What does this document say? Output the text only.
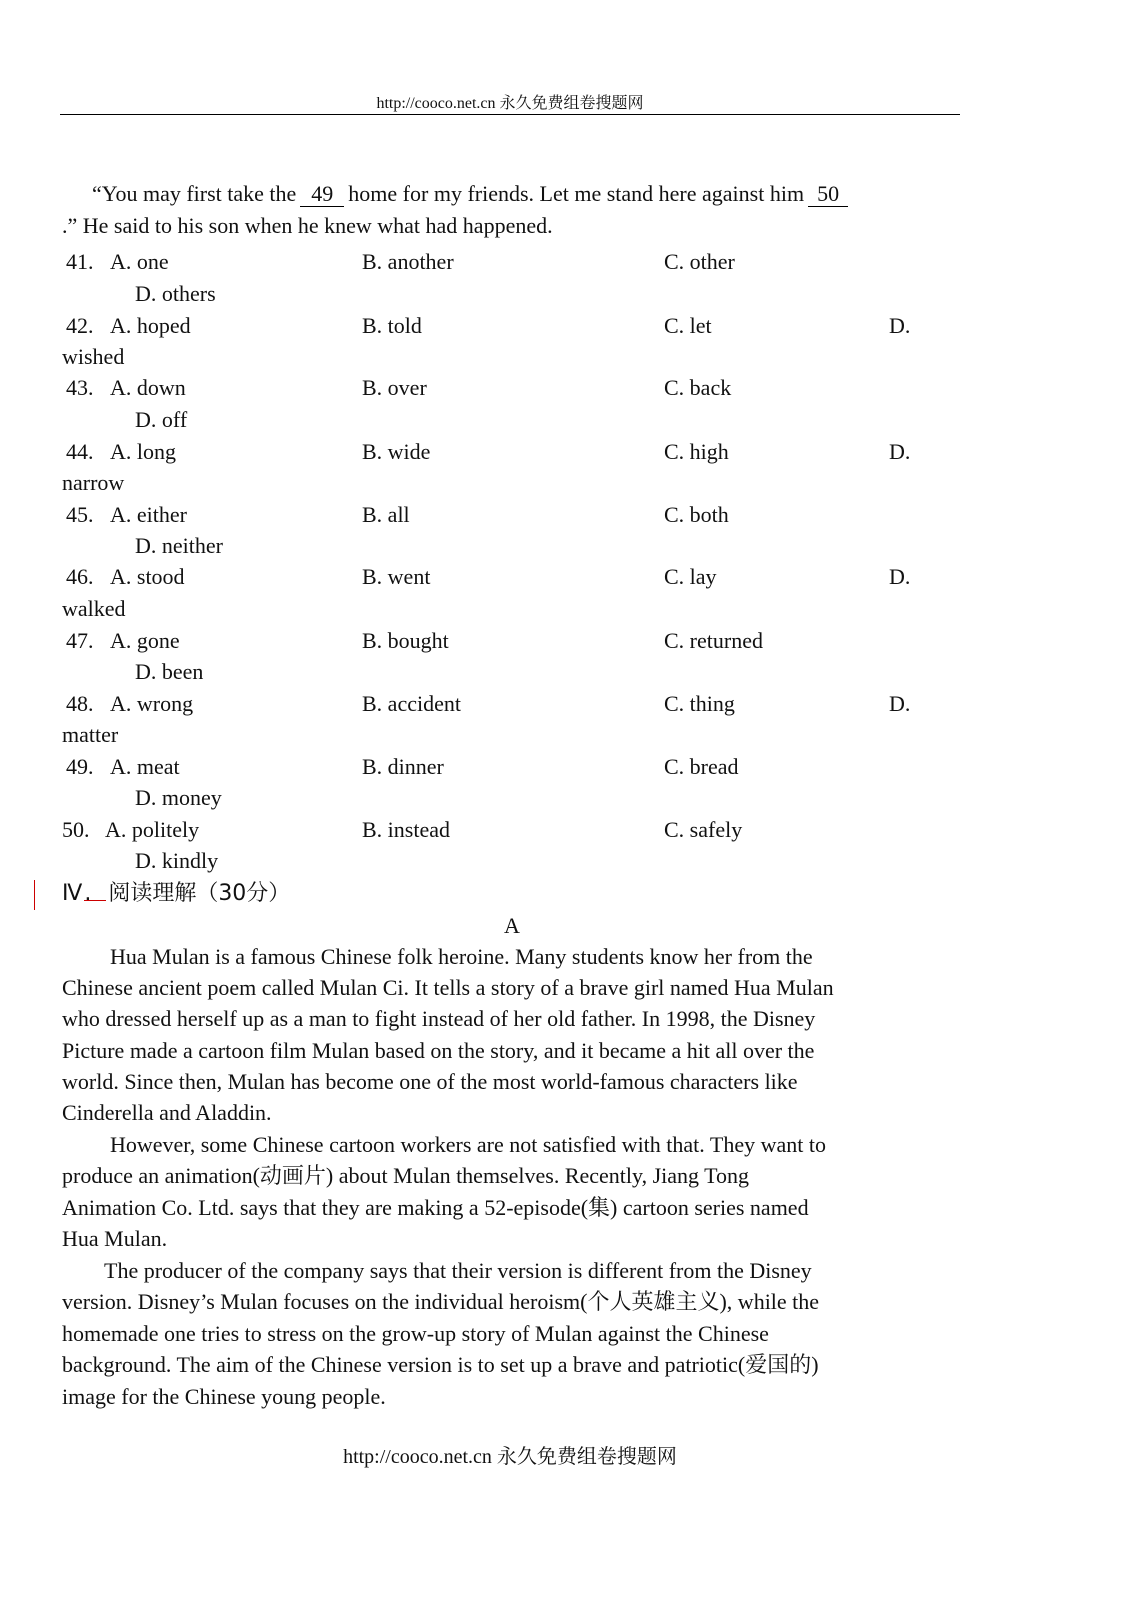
http://cooco.net.cn 永久免费组卷搜题网
“You may first take the 49 home for my friends. Let me stand here against him 50
.” He said to his son when he knew what had happened.
41. A. one	B. another	C. other
D. others
42. A. hoped	B. told	C. let	D.
wished
43. A. down	B. over	C. back
D. off
44. A. long	B. wide	C. high	D.
narrow
45. A. either	B. all	C. both
D. neither
46. A. stood	B. went	C. lay	D.
walked
47. A. gone	B. bought	C. returned
D. been
48. A. wrong	B. accident	C. thing	D.
matter
49. A. meat	B. dinner	C. bread
D. money
50. A. politely	B. instead	C. safely
D. kindly
Ⅳ. 阅读理解（30分）
A
Hua Mulan is a famous Chinese folk heroine. Many students know her from the
Chinese ancient poem called Mulan Ci. It tells a story of a brave girl named Hua Mulan
who dressed herself up as a man to fight instead of her old father. In 1998, the Disney
Picture made a cartoon film Mulan based on the story, and it became a hit all over the
world. Since then, Mulan has become one of the most world-famous characters like
Cinderella and Aladdin.
However, some Chinese cartoon workers are not satisfied with that. They want to
produce an animation(动画片) about Mulan themselves. Recently, Jiang Tong
Animation Co. Ltd. says that they are making a 52-episode(集) cartoon series named
Hua Mulan.
The producer of the company says that their version is different from the Disney
version. Disney’s Mulan focuses on the individual heroism(个人英雄主义), while the
homemade one tries to stress on the grow-up story of Mulan against the Chinese
background. The aim of the Chinese version is to set up a brave and patriotic(爱国的)
image for the Chinese young people.
http://cooco.net.cn 永久免费组卷搜题网
